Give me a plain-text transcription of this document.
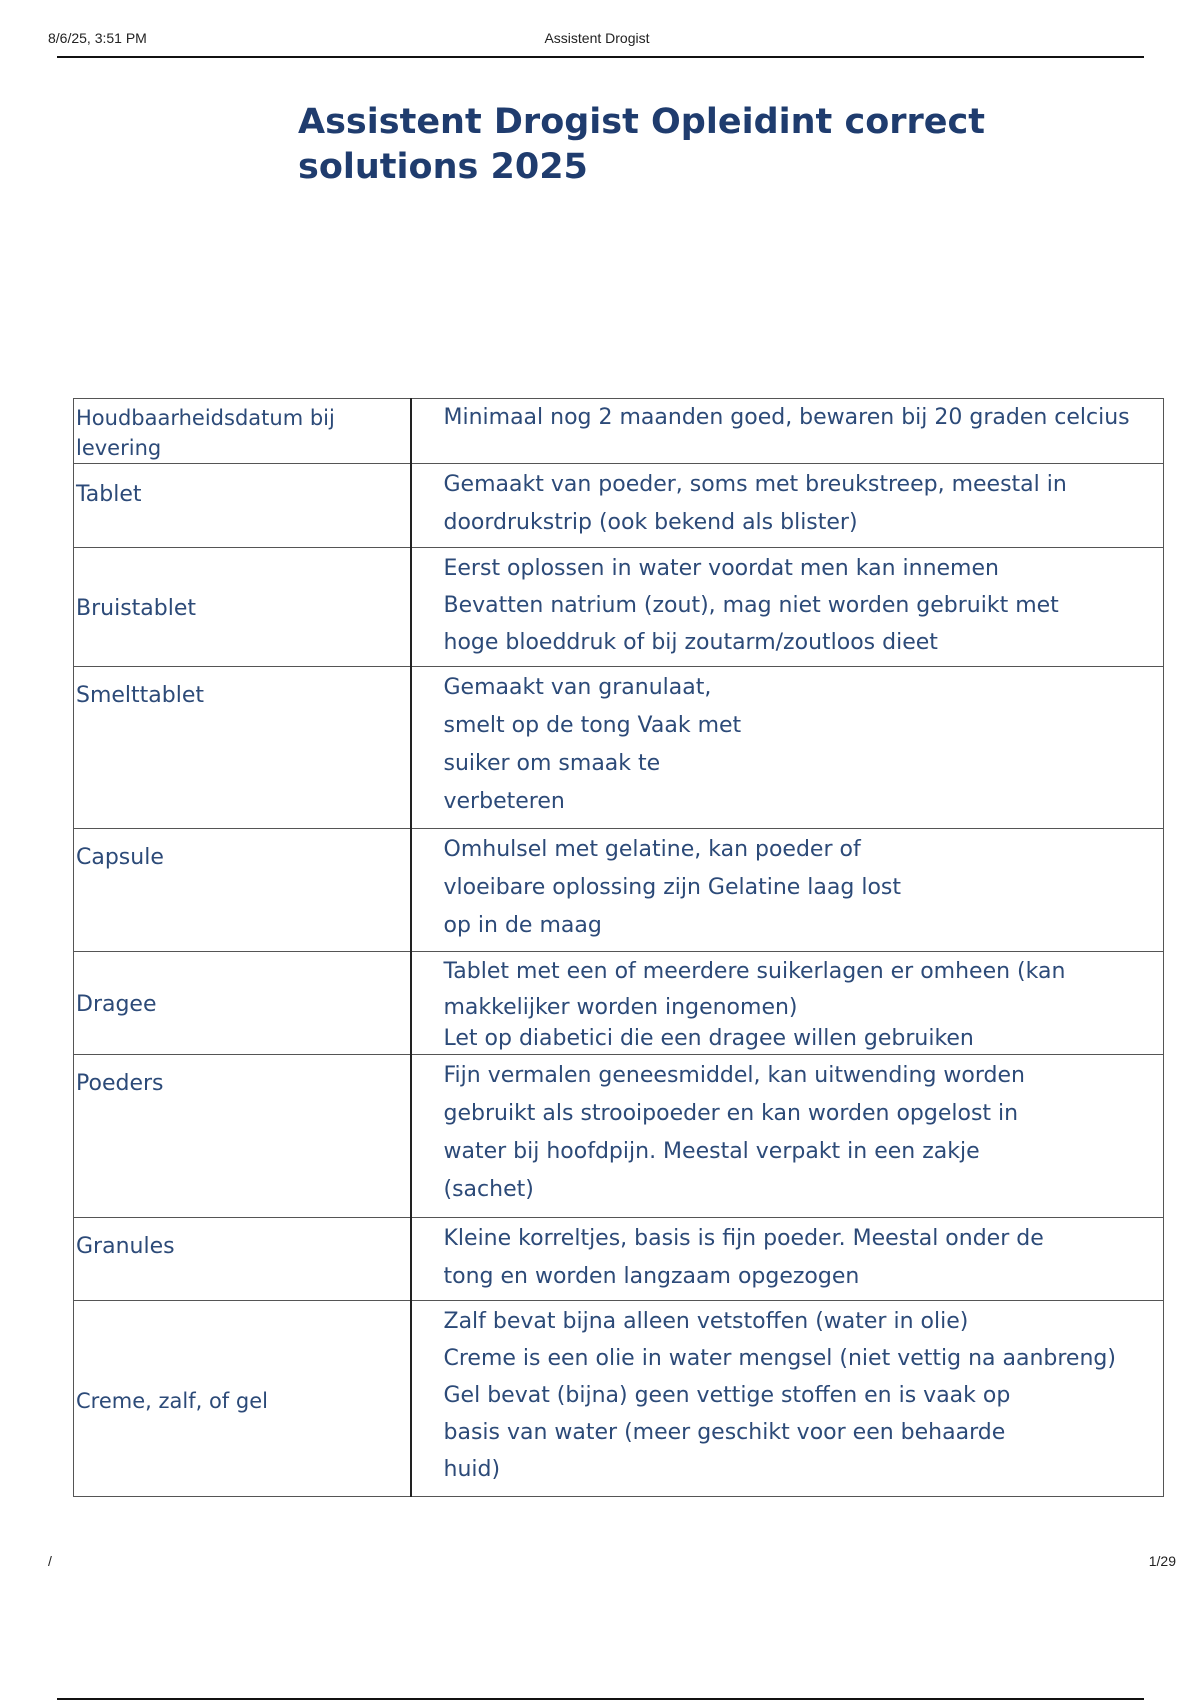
8/6/25, 3:51 PM	Assistent Drogist
Assistent Drogist Opleidint correct solutions 2025
Houdbaarheidsdatum bij levering	Minimaal nog 2 maanden goed, bewaren bij 20 graden celcius

Tablet	Gemaakt van poeder, soms met breukstreep, meestal in
doordrukstrip (ook bekend als blister)

Bruistablet	Eerst oplossen in water voordat men kan innemen
Bevatten natrium (zout), mag niet worden gebruikt met
hoge bloeddruk of bij zoutarm/zoutloos dieet

Smelttablet	Gemaakt van granulaat,
smelt op de tong Vaak met
suiker om smaak te
verbeteren

Capsule	Omhulsel met gelatine, kan poeder of
vloeibare oplossing zijn Gelatine laag lost
op in de maag

Dragee	Tablet met een of meerdere suikerlagen er omheen (kan
makkelijker worden ingenomen)
Let op diabetici die een dragee willen gebruiken

Poeders	Fijn vermalen geneesmiddel, kan uitwending worden
gebruikt als strooipoeder en kan worden opgelost in
water bij hoofdpijn. Meestal verpakt in een zakje
(sachet)

Granules	Kleine korreltjes, basis is fijn poeder. Meestal onder de
tong en worden langzaam opgezogen

Creme, zalf, of gel	Zalf bevat bijna alleen vetstoffen (water in olie)
Creme is een olie in water mengsel (niet vettig na aanbreng)
Gel bevat (bijna) geen vettige stoffen en is vaak op
basis van water (meer geschikt voor een behaarde
huid)
/	1/29
